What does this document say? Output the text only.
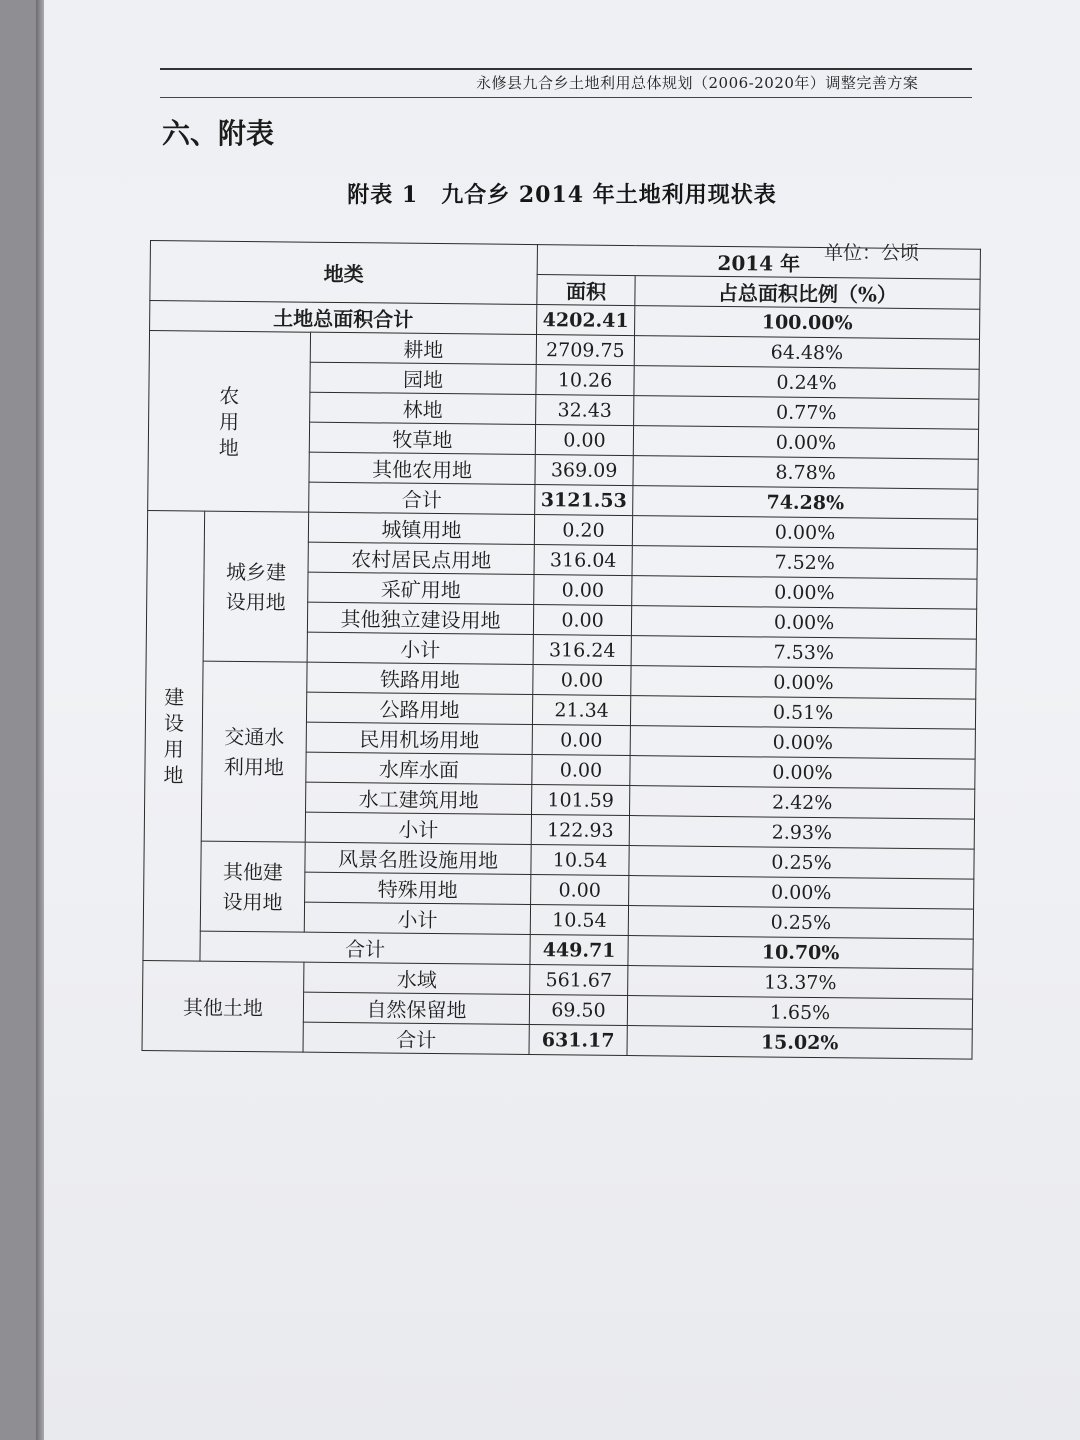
永修县九合乡土地利用总体规划（2006-2020年）调整完善方案
六、附表
附表 1　九合乡 2014 年土地利用现状表
单位：公顷
地类			2014 年	
			面积	占总面积比例（%）
土地总面积合计			4202.41	100.00%

农
用
地		耕地	2709.75	64.48%
		园地	10.26	0.24%
		林地	32.43	0.77%
		牧草地	0.00	0.00%
		其他农用地	369.09	8.78%
		合计	3121.53	74.28%

建
设
用
地	城乡建
设用地	城镇用地	0.20	0.00%
		农村居民点用地	316.04	7.52%
		采矿用地	0.00	0.00%
		其他独立建设用地	0.00	0.00%
		小计	316.24	7.53%
	交通水
利用地	铁路用地	0.00	0.00%
		公路用地	21.34	0.51%
		民用机场用地	0.00	0.00%
		水库水面	0.00	0.00%
		水工建筑用地	101.59	2.42%
		小计	122.93	2.93%
	其他建
设用地	风景名胜设施用地	10.54	0.25%
		特殊用地	0.00	0.00%
		小计	10.54	0.25%
	合计		449.71	10.70%
其他土地		水域	561.67	13.37%
		自然保留地	69.50	1.65%
		合计	631.17	15.02%
